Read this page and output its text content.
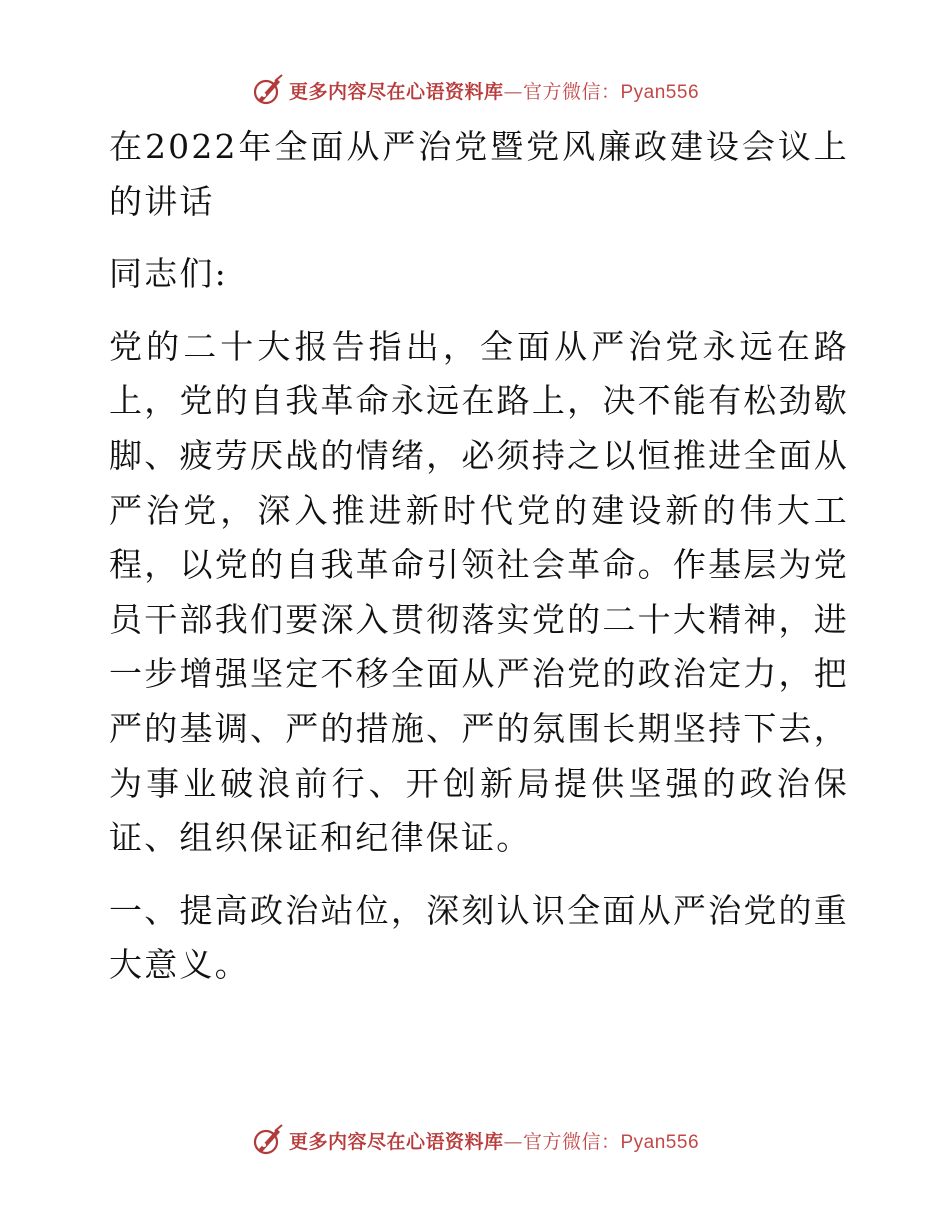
更多内容尽在心语资料库—官方微信：Pyan556

在2022年全面从严治党暨党风廉政建设会议上的讲话

同志们:

党的二十大报告指出，全面从严治党永远在路上，党的自我革命永远在路上，决不能有松劲歇脚、疲劳厌战的情绪，必须持之以恒推进全面从严治党，深入推进新时代党的建设新的伟大工程，以党的自我革命引领社会革命。作基层为党员干部我们要深入贯彻落实党的二十大精神，进一步增强坚定不移全面从严治党的政治定力，把严的基调、严的措施、严的氛围长期坚持下去，为事业破浪前行、开创新局提供坚强的政治保证、组织保证和纪律保证。

一、提高政治站位，深刻认识全面从严治党的重大意义。

更多内容尽在心语资料库—官方微信：Pyan556
